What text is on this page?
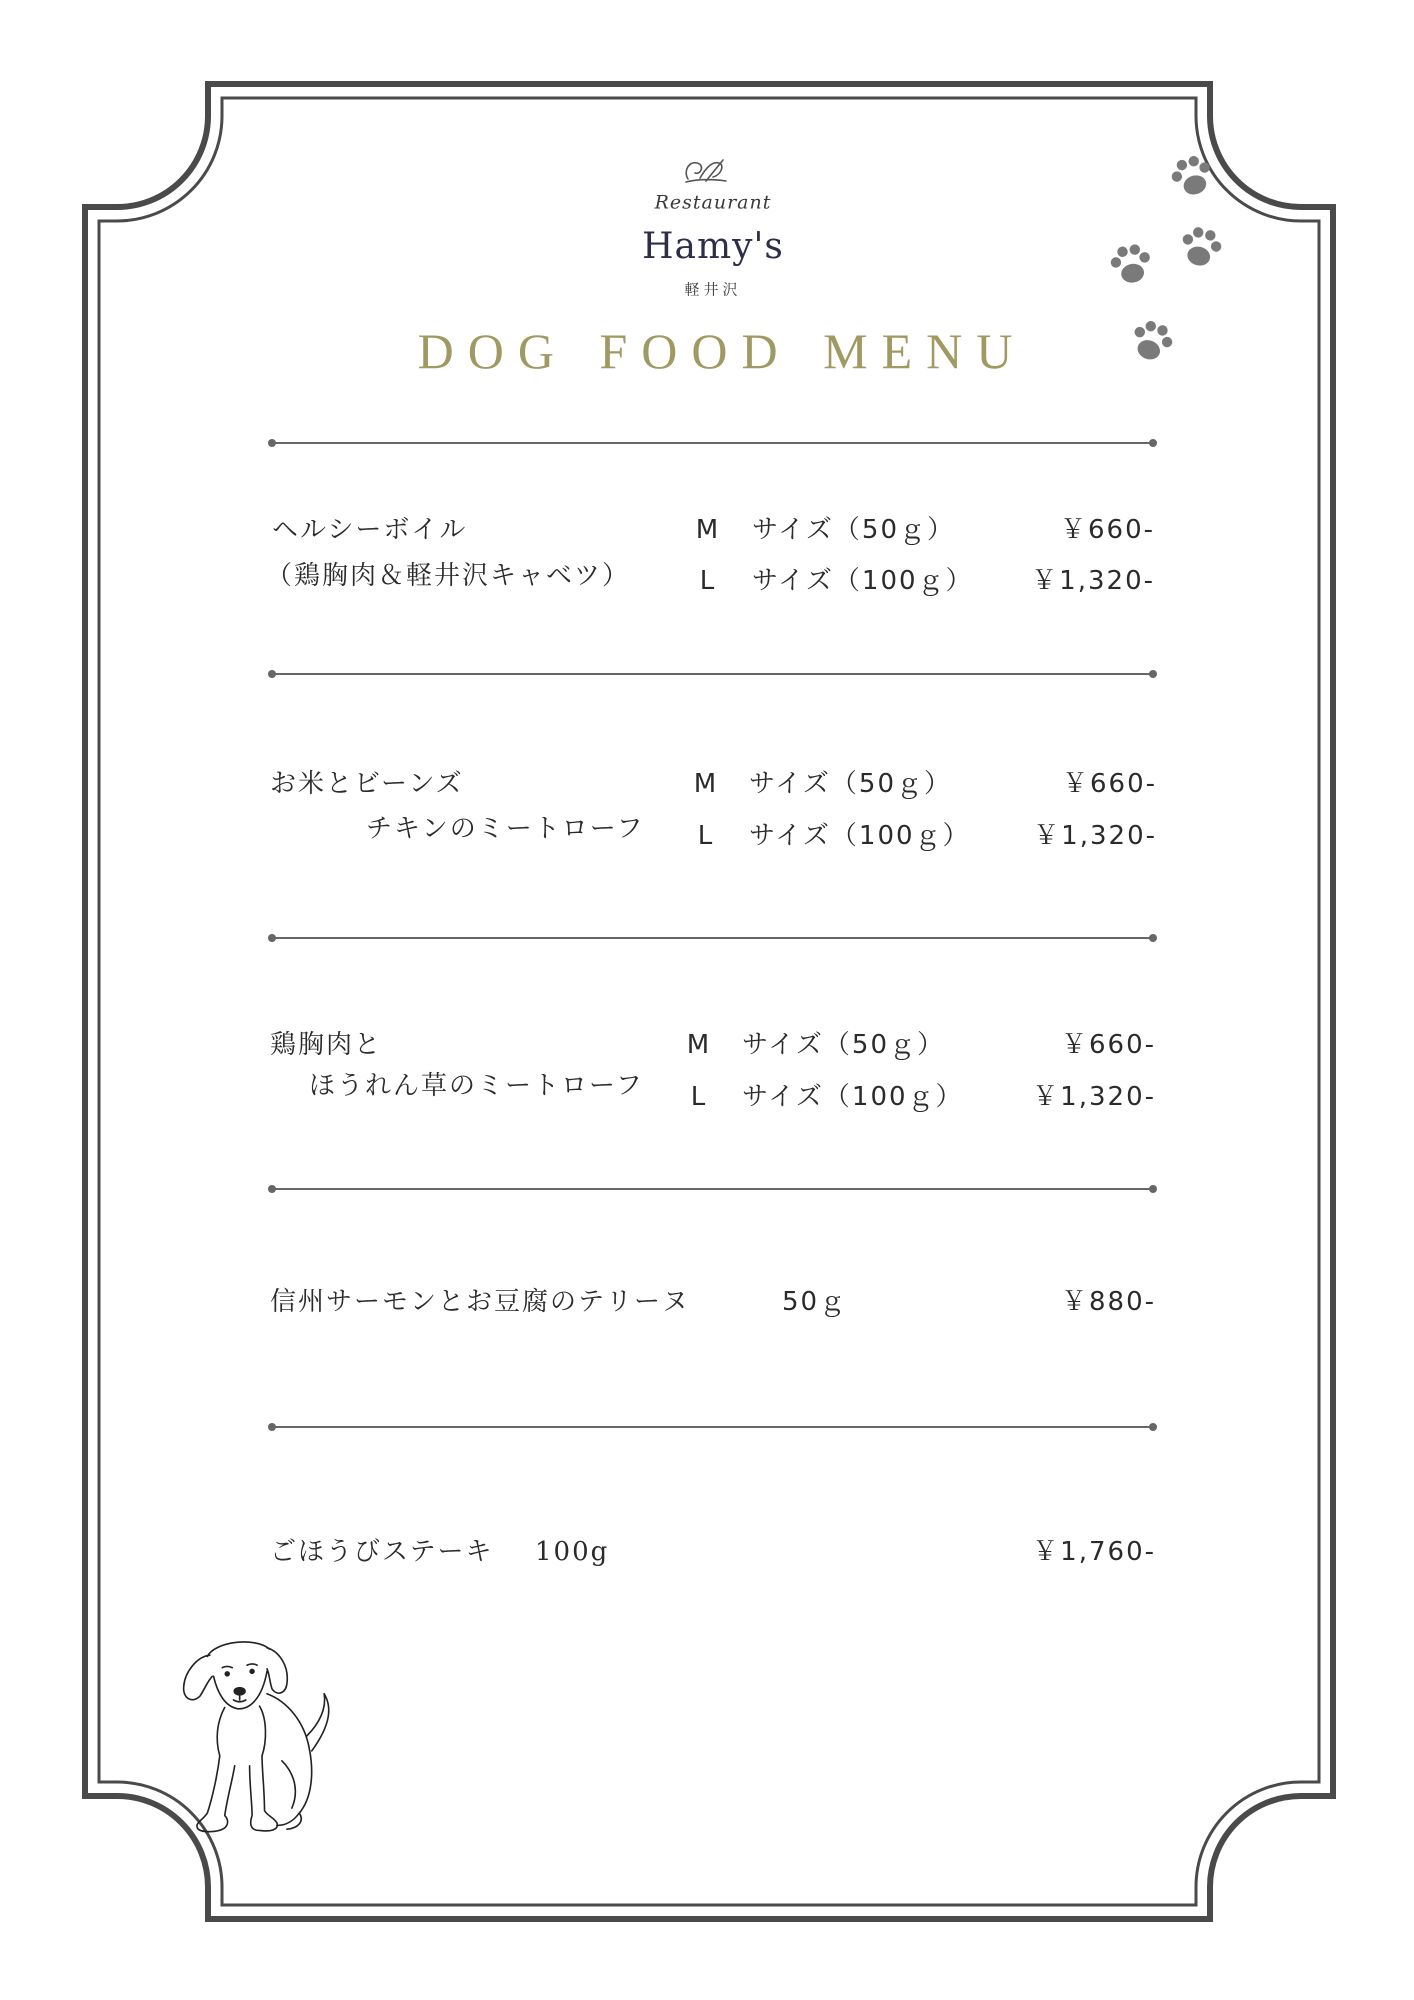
Restaurant
Hamy's
軽井沢
DOG FOOD MENU
ヘルシーボイル
（鶏胸肉＆軽井沢キャベツ）
M サイズ（50ｇ）	￥660-
L サイズ（100ｇ） ￥1,320-
お米とビーンズ
チキンのミートローフ
M サイズ（50ｇ）	￥660-
L サイズ（100ｇ） ￥1,320-
鶏胸肉と
ほうれん草のミートローフ
M サイズ（50ｇ）	￥660-
L サイズ（100ｇ）	￥1,320-
信州サーモンとお豆腐のテリーヌ	50ｇ	￥880-
ごほうびステーキ 100g	￥1,760-
